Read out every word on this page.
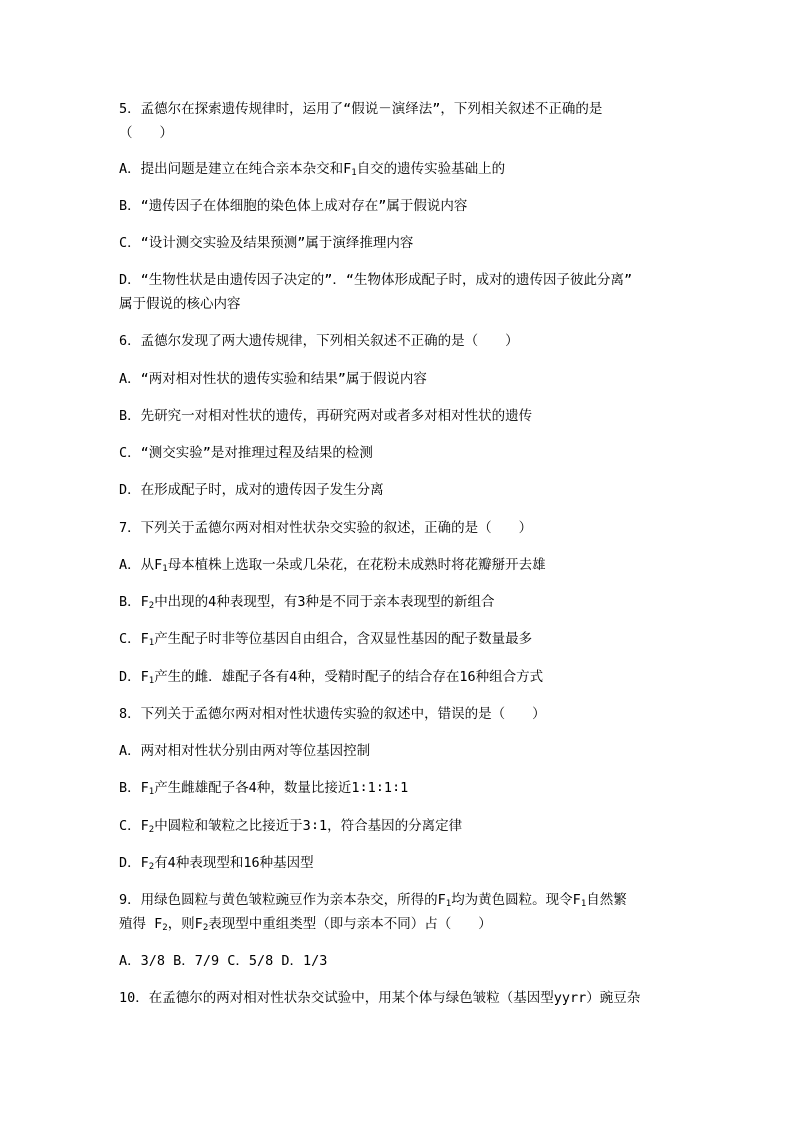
5．孟德尔在探索遗传规律时，运用了“假说－演绎法”，下列相关叙述不正确的是
（　　）
A．提出问题是建立在纯合亲本杂交和$F_1$自交的遗传实验基础上的
B．“遗传因子在体细胞的染色体上成对存在”属于假说内容
C．“设计测交实验及结果预测”属于演绎推理内容
D．“生物性状是由遗传因子决定的”．“生物体形成配子时，成对的遗传因子彼此分离”
属于假说的核心内容
6．孟德尔发现了两大遗传规律，下列相关叙述不正确的是（　　）
A．“两对相对性状的遗传实验和结果”属于假说内容
B．先研究一对相对性状的遗传，再研究两对或者多对相对性状的遗传
C．“测交实验”是对推理过程及结果的检测
D．在形成配子时，成对的遗传因子发生分离
7．下列关于孟德尔两对相对性状杂交实验的叙述，正确的是（　　）
A．从$F_1$母本植株上选取一朵或几朵花，在花粉未成熟时将花瓣掰开去雄
B．$F_2$中出现的4种表现型，有3种是不同于亲本表现型的新组合
C．$F_1$产生配子时非等位基因自由组合，含双显性基因的配子数量最多
D．$F_1$产生的雌．雄配子各有4种，受精时配子的结合存在16种组合方式
8．下列关于孟德尔两对相对性状遗传实验的叙述中，错误的是（　　）
A．两对相对性状分别由两对等位基因控制
B．$F_1$产生雌雄配子各4种，数量比接近1∶1∶1∶1
C．$F_2$中圆粒和皱粒之比接近于3∶1，符合基因的分离定律
D．$F_2$有4种表现型和16种基因型
9．用绿色圆粒与黄色皱粒豌豆作为亲本杂交，所得的$F_1$均为黄色圆粒。现令$F_1$自然繁
殖得 $F_2$，则$F_2$表现型中重组类型（即与亲本不同）占（　　）
A．3/8 B．7/9 C．5/8 D．1/3
10．在孟德尔的两对相对性状杂交试验中，用某个体与绿色皱粒（基因型yyrr）豌豆杂
